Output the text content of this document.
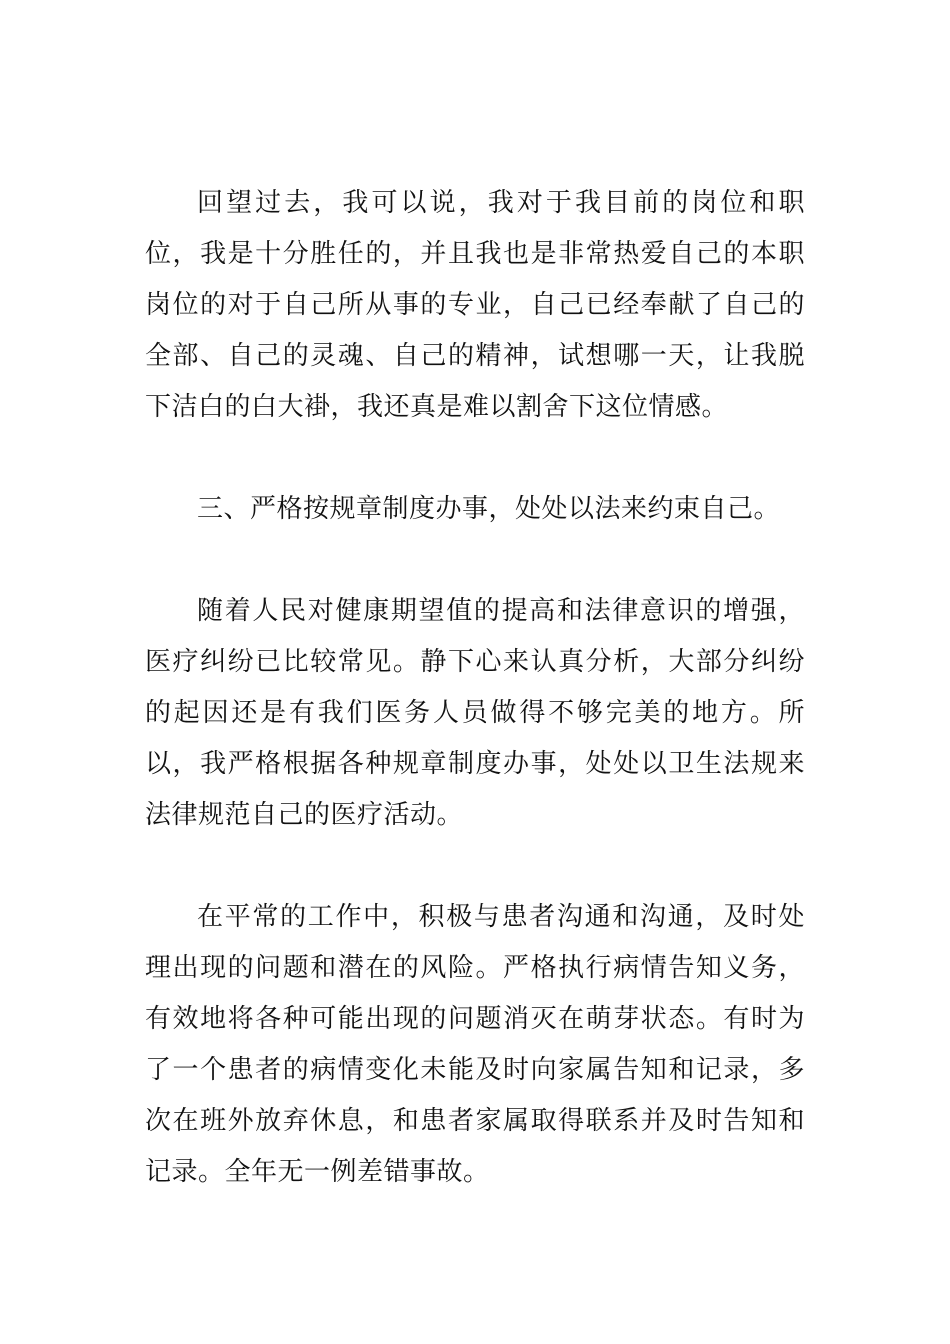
回望过去，我可以说，我对于我目前的岗位和职位，我是十分胜任的，并且我也是非常热爱自己的本职岗位的对于自己所从事的专业，自己已经奉献了自己的全部、自己的灵魂、自己的精神，试想哪一天，让我脱下洁白的白大褂，我还真是难以割舍下这位情感。

三、严格按规章制度办事，处处以法来约束自己。

随着人民对健康期望值的提高和法律意识的增强，医疗纠纷已比较常见。静下心来认真分析，大部分纠纷的起因还是有我们医务人员做得不够完美的地方。所以，我严格根据各种规章制度办事，处处以卫生法规来法律规范自己的医疗活动。

在平常的工作中，积极与患者沟通和沟通，及时处理出现的问题和潜在的风险。严格执行病情告知义务，有效地将各种可能出现的问题消灭在萌芽状态。有时为了一个患者的病情变化未能及时向家属告知和记录，多次在班外放弃休息，和患者家属取得联系并及时告知和记录。全年无一例差错事故。
